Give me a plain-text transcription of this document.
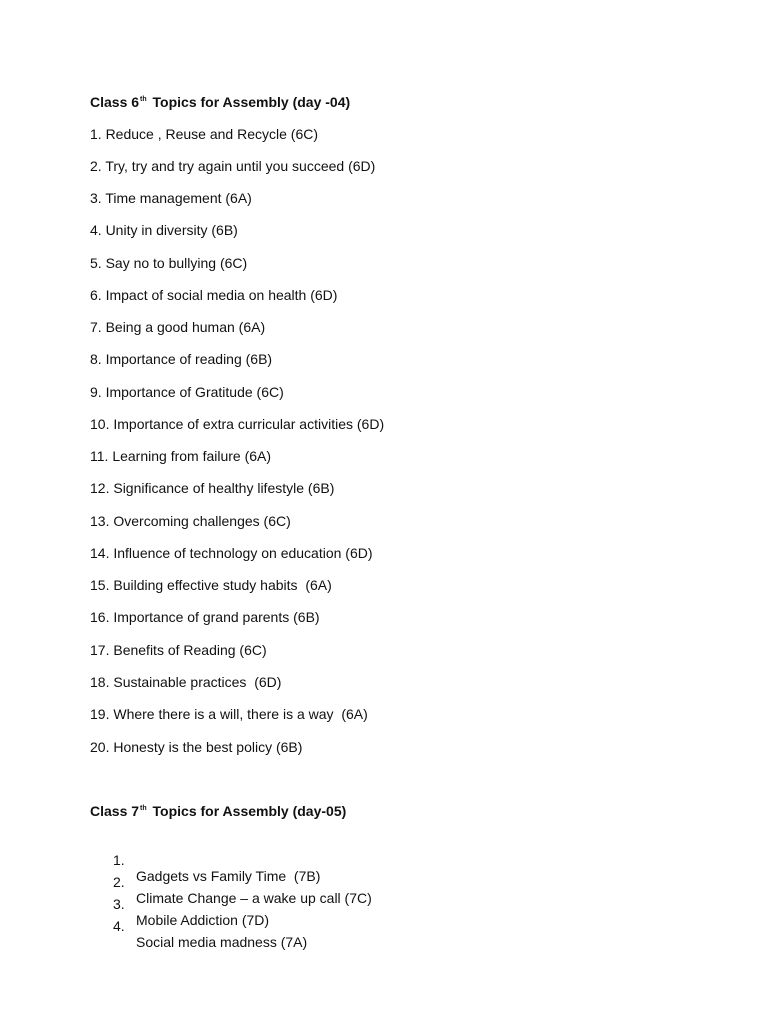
Class 6th Topics for Assembly (day -04)
1. Reduce , Reuse and Recycle (6C)
2. Try, try and try again until you succeed (6D)
3. Time management (6A)
4. Unity in diversity (6B)
5. Say no to bullying (6C)
6. Impact of social media on health (6D)
7. Being a good human (6A)
8. Importance of reading (6B)
9. Importance of Gratitude (6C)
10. Importance of extra curricular activities (6D)
11. Learning from failure (6A)
12. Significance of healthy lifestyle (6B)
13. Overcoming challenges (6C)
14. Influence of technology on education (6D)
15. Building effective study habits  (6A)
16. Importance of grand parents (6B)
17. Benefits of Reading (6C)
18. Sustainable practices  (6D)
19. Where there is a will, there is a way  (6A)
20. Honesty is the best policy (6B)
Class 7th Topics for Assembly (day-05)

1.

Gadgets vs Family Time  (7B)

2.

Climate Change – a wake up call (7C)

3.

Mobile Addiction (7D)

4.

Social media madness (7A)
